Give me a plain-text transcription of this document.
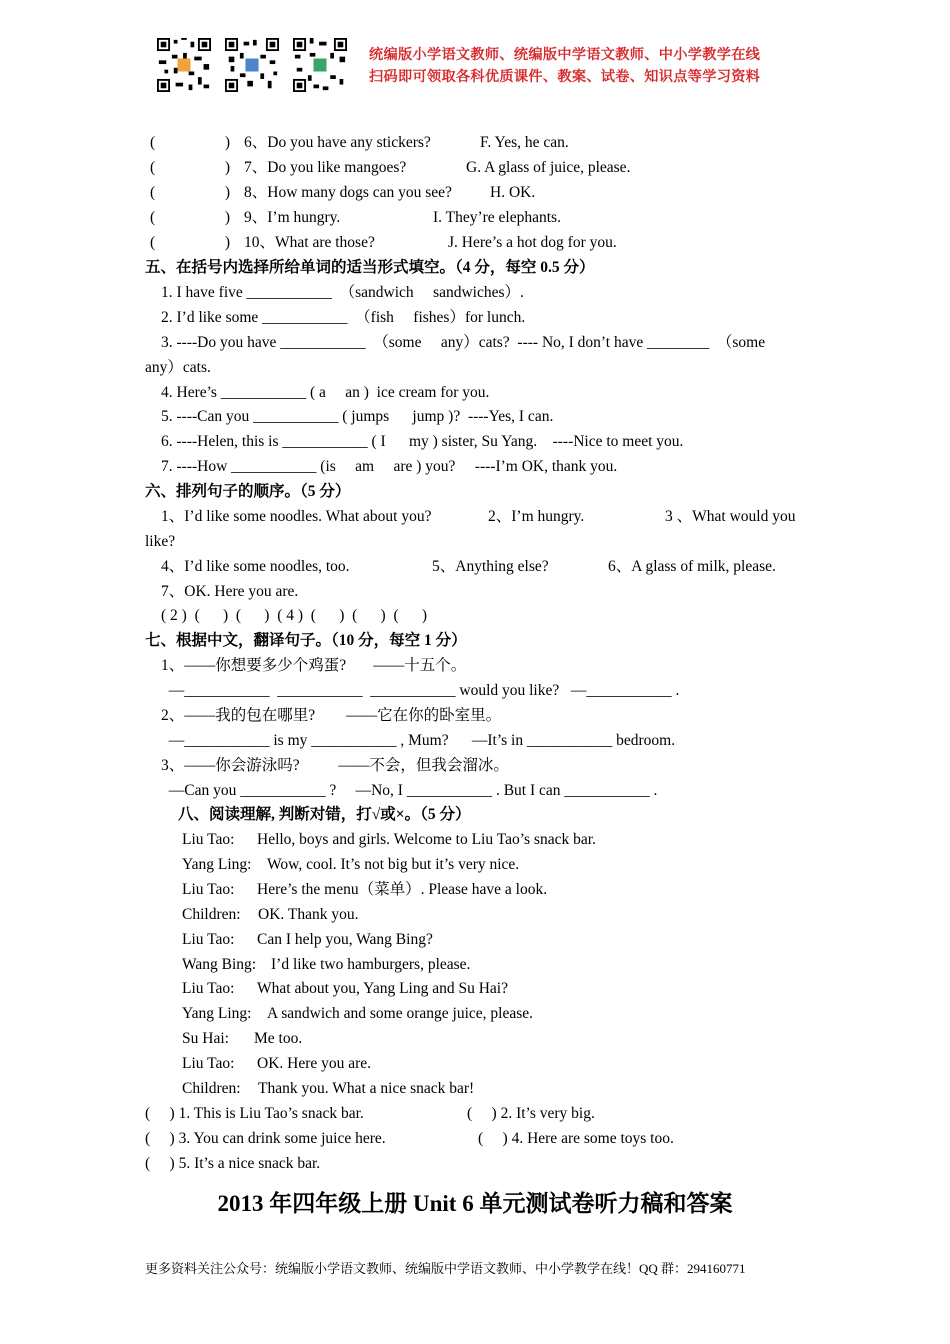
统编版小学语文教师、统编版中学语文教师、中小学教学在线
扫码即可领取各科优质课件、教案、试卷、知识点等学习资料
(                  ) 6、Do you have any stickers?	F. Yes, he can.
(                  ) 7、Do you like mangoes?	G. A glass of juice, please.
(                  ) 8、How many dogs can you see? H. OK.
(                  ) 9、I’m hungry.	I. They’re elephants.
(                  ) 10、What are those?	J. Here’s a hot dog for you.
五、在括号内选择所给单词的适当形式填空。（4 分，每空 0.5 分）
1. I have five ___________  （sandwich     sandwiches）.
2. I’d like some ___________  （fish     fishes）for lunch.
3. ----Do you have ___________  （some     any）cats?  ---- No, I don’t have ________  （some
any）cats.
4. Here’s ___________ ( a     an )  ice cream for you.
5. ----Can you ___________ ( jumps      jump )?  ----Yes, I can.
6. ----Helen, this is ___________ ( I      my ) sister, Su Yang.    ----Nice to meet you.
7. ----How ___________ (is     am     are ) you?     ----I’m OK, thank you.
六、排列句子的顺序。（5 分）
1、I’d like some noodles. What about you?	2、I’m hungry.	3 、What would you
like?
4、I’d like some noodles, too.	5、Anything else?	6、A glass of milk, please.
7、OK. Here you are.
( 2 )  (      )  (      )  ( 4 )  (      )  (      )  (      )
七、根据中文，翻译句子。（10 分，每空 1 分）
1、——你想要多少个鸡蛋?       ——十五个。
—___________  ___________  ___________ would you like?   —___________ .
2、——我的包在哪里?        ——它在你的卧室里。
—___________ is my ___________ , Mum?      —It’s in ___________ bedroom.
3、——你会游泳吗?          ——不会，但我会溜冰。
—Can you ___________ ?     —No, I ___________ . But I can ___________ .
八、阅读理解, 判断对错，打√或×。（5 分）
Liu Tao: Hello, boys and girls. Welcome to Liu Tao’s snack bar.
Yang Ling: Wow, cool. It’s not big but it’s very nice.
Liu Tao: Here’s the menu（菜单）. Please have a look.
Children: OK. Thank you.
Liu Tao: Can I help you, Wang Bing?
Wang Bing: I’d like two hamburgers, please.
Liu Tao: What about you, Yang Ling and Su Hai?
Yang Ling: A sandwich and some orange juice, please.
Su Hai: Me too.
Liu Tao: OK. Here you are.
Children: Thank you. What a nice snack bar!
(     ) 1. This is Liu Tao’s snack bar.	(     ) 2. It’s very big.
(     ) 3. You can drink some juice here.	(     ) 4. Here are some toys too.
(     ) 5. It’s a nice snack bar.
2013 年四年级上册 Unit 6 单元测试卷听力稿和答案
更多资料关注公众号：统编版小学语文教师、统编版中学语文教师、中小学教学在线！QQ 群：294160771
